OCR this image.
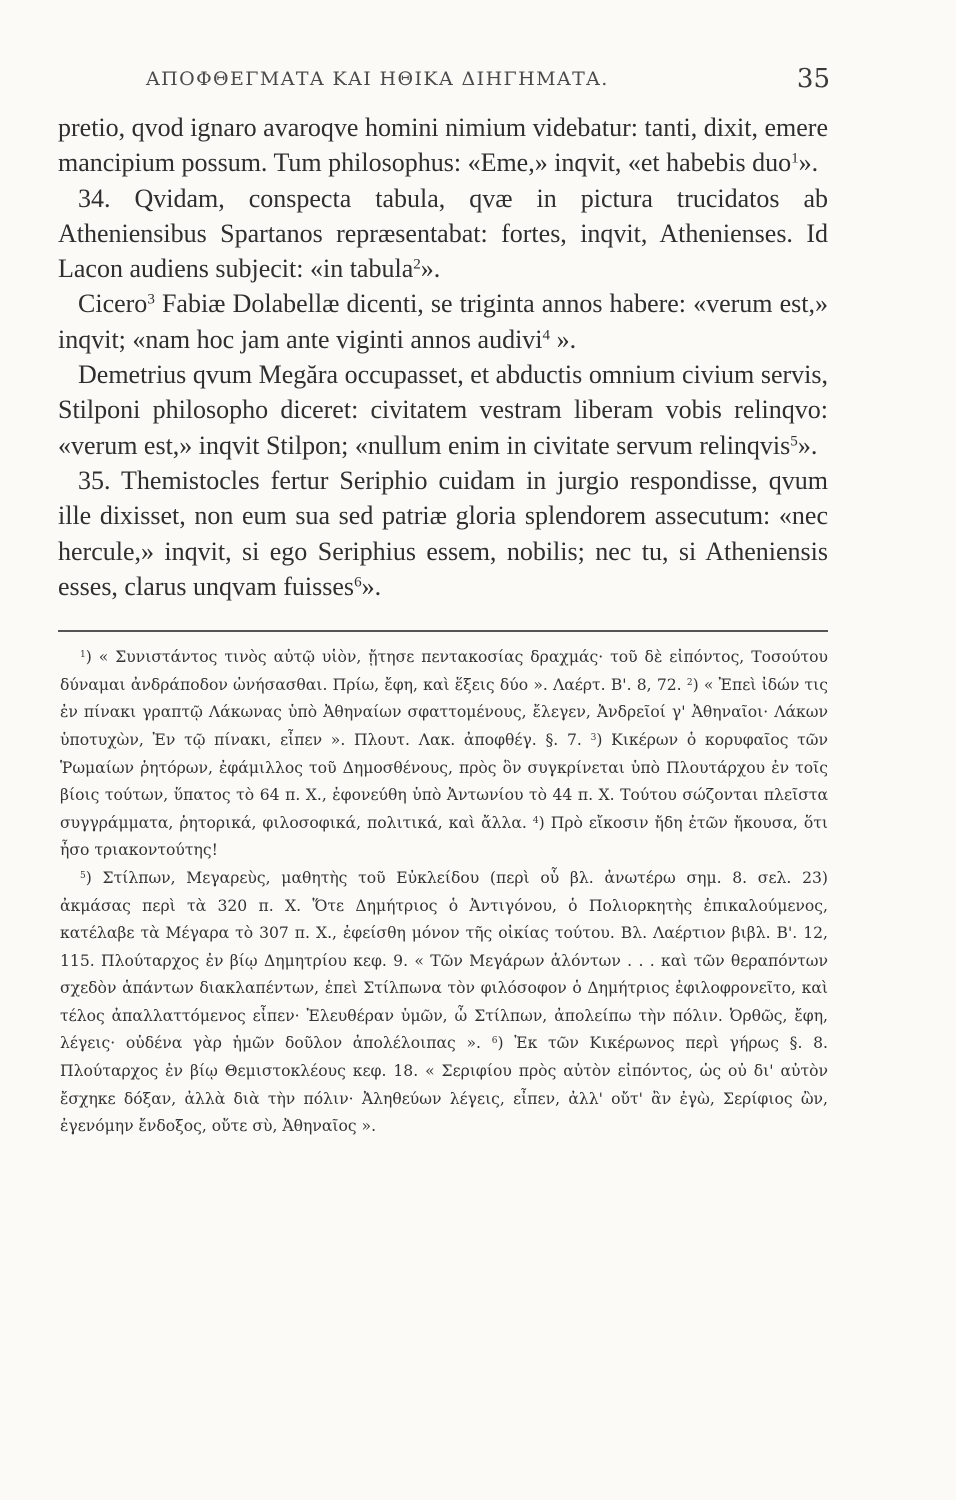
ΑΠΟΦΘΕΓΜΑΤΑ ΚΑΙ ΗΘΙΚΑ ΔΙΗΓΗΜΑΤΑ.	35

pretio, qvod ignaro avaroqve homini nimium videbatur: tanti, dixit, emere mancipium possum. Tum philosophus: «Eme,» inqvit, «et habebis duo$^1$».

34. Qvidam, conspecta tabula, qvæ in pictura trucidatos ab Atheniensibus Spartanos repræsentabat: fortes, inqvit, Athenienses. Id Lacon audiens subjecit: «in tabula$^2$».

Cicero$^3$ Fabiæ Dolabellæ dicenti, se triginta annos habere: «verum est,» inqvit; «nam hoc jam ante viginti annos audivi$^4$ ».

Demetrius qvum Megăra occupasset, et abductis omnium civium servis, Stilponi philosopho diceret: civitatem vestram liberam vobis relinqvo: «verum est,» inqvit Stilpon; «nullum enim in civitate servum relinqvis$^5$».

35. Themistocles fertur Seriphio cuidam in jurgio respondisse, qvum ille dixisset, non eum sua sed patriæ gloria splendorem assecutum: «nec hercule,» inqvit, si ego Seriphius essem, nobilis; nec tu, si Atheniensis esses, clarus unqvam fuisses$^6$».

$^1$) « Συνιστάντος τινὸς αὐτῷ υἱὸν, ᾔτησε πεντακοσίας δραχμάς· τοῦ δὲ εἰπόντος, Τοσούτου δύναμαι ἀνδράποδον ὠνήσασθαι. Πρίω, ἔφη, καὶ ἕξεις δύο ». Λαέρτ. Β'. 8, 72. $^2$) « Ἐπεὶ ἰδών τις ἐν πίνακι γραπτῷ Λάκωνας ὑπὸ Ἀθηναίων σφαττομένους, ἔλεγεν, Ἀνδρεῖοί γ' Ἀθηναῖοι· Λάκων ὑποτυχὼν, Ἐν τῷ πίνακι, εἶπεν ». Πλουτ. Λακ. ἀποφθέγ. §. 7. $^3$) Κικέρων ὁ κορυφαῖος τῶν Ῥωμαίων ῥητόρων, ἐφάμιλλος τοῦ Δημοσθένους, πρὸς ὃν συγκρίνεται ὑπὸ Πλουτάρχου ἐν τοῖς βίοις τούτων, ὕπατος τὸ 64 π. Χ., ἐφονεύθη ὑπὸ Ἀντωνίου τὸ 44 π. Χ. Τούτου σώζονται πλεῖστα συγγράμματα, ῥητορικά, φιλοσοφικά, πολιτικά, καὶ ἄλλα. $^4$) Πρὸ εἴκοσιν ἤδη ἐτῶν ἤκουσα, ὅτι ἦσο τριακοντούτης!

$^5$) Στίλπων, Μεγαρεὺς, μαθητὴς τοῦ Εὐκλείδου (περὶ οὗ βλ. ἀνωτέρω σημ. 8. σελ. 23) ἀκμάσας περὶ τὰ 320 π. Χ. Ὅτε Δημήτριος ὁ Ἀντιγόνου, ὁ Πολιορκητὴς ἐπικαλούμενος, κατέλαβε τὰ Μέγαρα τὸ 307 π. Χ., ἐφείσθη μόνον τῆς οἰκίας τούτου. Βλ. Λαέρτιον βιβλ. Β'. 12, 115. Πλούταρχος ἐν βίῳ Δημητρίου κεφ. 9. « Τῶν Μεγάρων ἁλόντων . . . καὶ τῶν θεραπόντων σχεδὸν ἁπάντων διακλαπέντων, ἐπεὶ Στίλπωνα τὸν φιλόσοφον ὁ Δημήτριος ἐφιλοφρονεῖτο, καὶ τέλος ἀπαλλαττόμενος εἶπεν· Ἐλευθέραν ὑμῶν, ὦ Στίλπων, ἀπολείπω τὴν πόλιν. Ὀρθῶς, ἔφη, λέγεις· οὐδένα γὰρ ἡμῶν δοῦλον ἀπολέλοιπας ». $^6$) Ἐκ τῶν Κικέρωνος περὶ γήρως §. 8. Πλούταρχος ἐν βίῳ Θεμιστοκλέους κεφ. 18. « Σεριφίου πρὸς αὐτὸν εἰπόντος, ὡς οὐ δι' αὐτὸν ἔσχηκε δόξαν, ἀλλὰ διὰ τὴν πόλιν· Ἀληθεύων λέγεις, εἶπεν, ἀλλ' οὔτ' ἂν ἐγὼ, Σερίφιος ὢν, ἐγενόμην ἔνδοξος, οὔτε σὺ, Ἀθηναῖος ».
